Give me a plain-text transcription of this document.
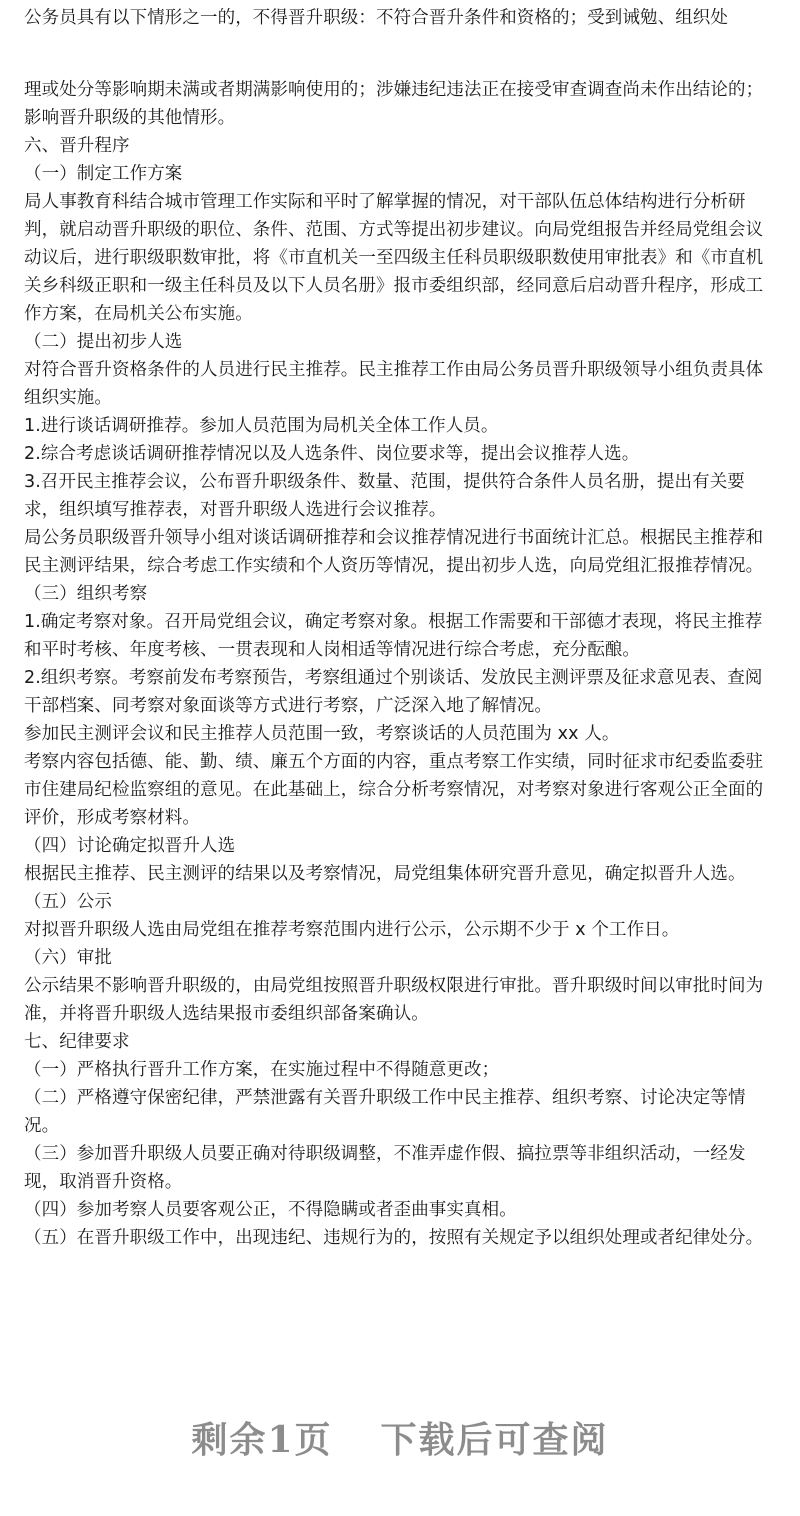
公务员具有以下情形之一的，不得晋升职级：不符合晋升条件和资格的；受到诫勉、组织处

理或处分等影响期未满或者期满影响使用的；涉嫌违纪违法正在接受审查调查尚未作出结论的；影响晋升职级的其他情形。

六、晋升程序

（一）制定工作方案

局人事教育科结合城市管理工作实际和平时了解掌握的情况，对干部队伍总体结构进行分析研判，就启动晋升职级的职位、条件、范围、方式等提出初步建议。向局党组报告并经局党组会议动议后，进行职级职数审批，将《市直机关一至四级主任科员职级职数使用审批表》和《市直机关乡科级正职和一级主任科员及以下人员名册》报市委组织部，经同意后启动晋升程序，形成工作方案，在局机关公布实施。

（二）提出初步人选

对符合晋升资格条件的人员进行民主推荐。民主推荐工作由局公务员晋升职级领导小组负责具体组织实施。

1.进行谈话调研推荐。参加人员范围为局机关全体工作人员。

2.综合考虑谈话调研推荐情况以及人选条件、岗位要求等，提出会议推荐人选。

3.召开民主推荐会议，公布晋升职级条件、数量、范围，提供符合条件人员名册，提出有关要求，组织填写推荐表，对晋升职级人选进行会议推荐。

局公务员职级晋升领导小组对谈话调研推荐和会议推荐情况进行书面统计汇总。根据民主推荐和民主测评结果，综合考虑工作实绩和个人资历等情况，提出初步人选，向局党组汇报推荐情况。

（三）组织考察

1.确定考察对象。召开局党组会议，确定考察对象。根据工作需要和干部德才表现，将民主推荐和平时考核、年度考核、一贯表现和人岗相适等情况进行综合考虑，充分酝酿。

2.组织考察。考察前发布考察预告，考察组通过个别谈话、发放民主测评票及征求意见表、查阅干部档案、同考察对象面谈等方式进行考察，广泛深入地了解情况。

参加民主测评会议和民主推荐人员范围一致，考察谈话的人员范围为 xx 人。

考察内容包括德、能、勤、绩、廉五个方面的内容，重点考察工作实绩，同时征求市纪委监委驻市住建局纪检监察组的意见。在此基础上，综合分析考察情况，对考察对象进行客观公正全面的评价，形成考察材料。

（四）讨论确定拟晋升人选

根据民主推荐、民主测评的结果以及考察情况，局党组集体研究晋升意见，确定拟晋升人选。

（五）公示

对拟晋升职级人选由局党组在推荐考察范围内进行公示，公示期不少于 x 个工作日。

（六）审批

公示结果不影响晋升职级的，由局党组按照晋升职级权限进行审批。晋升职级时间以审批时间为准，并将晋升职级人选结果报市委组织部备案确认。

七、纪律要求

（一）严格执行晋升工作方案，在实施过程中不得随意更改；

（二）严格遵守保密纪律，严禁泄露有关晋升职级工作中民主推荐、组织考察、讨论决定等情况。

（三）参加晋升职级人员要正确对待职级调整，不准弄虚作假、搞拉票等非组织活动，一经发现，取消晋升资格。

（四）参加考察人员要客观公正，不得隐瞒或者歪曲事实真相。

（五）在晋升职级工作中，出现违纪、违规行为的，按照有关规定予以组织处理或者纪律处分。

剩余1页 下载后可查阅
